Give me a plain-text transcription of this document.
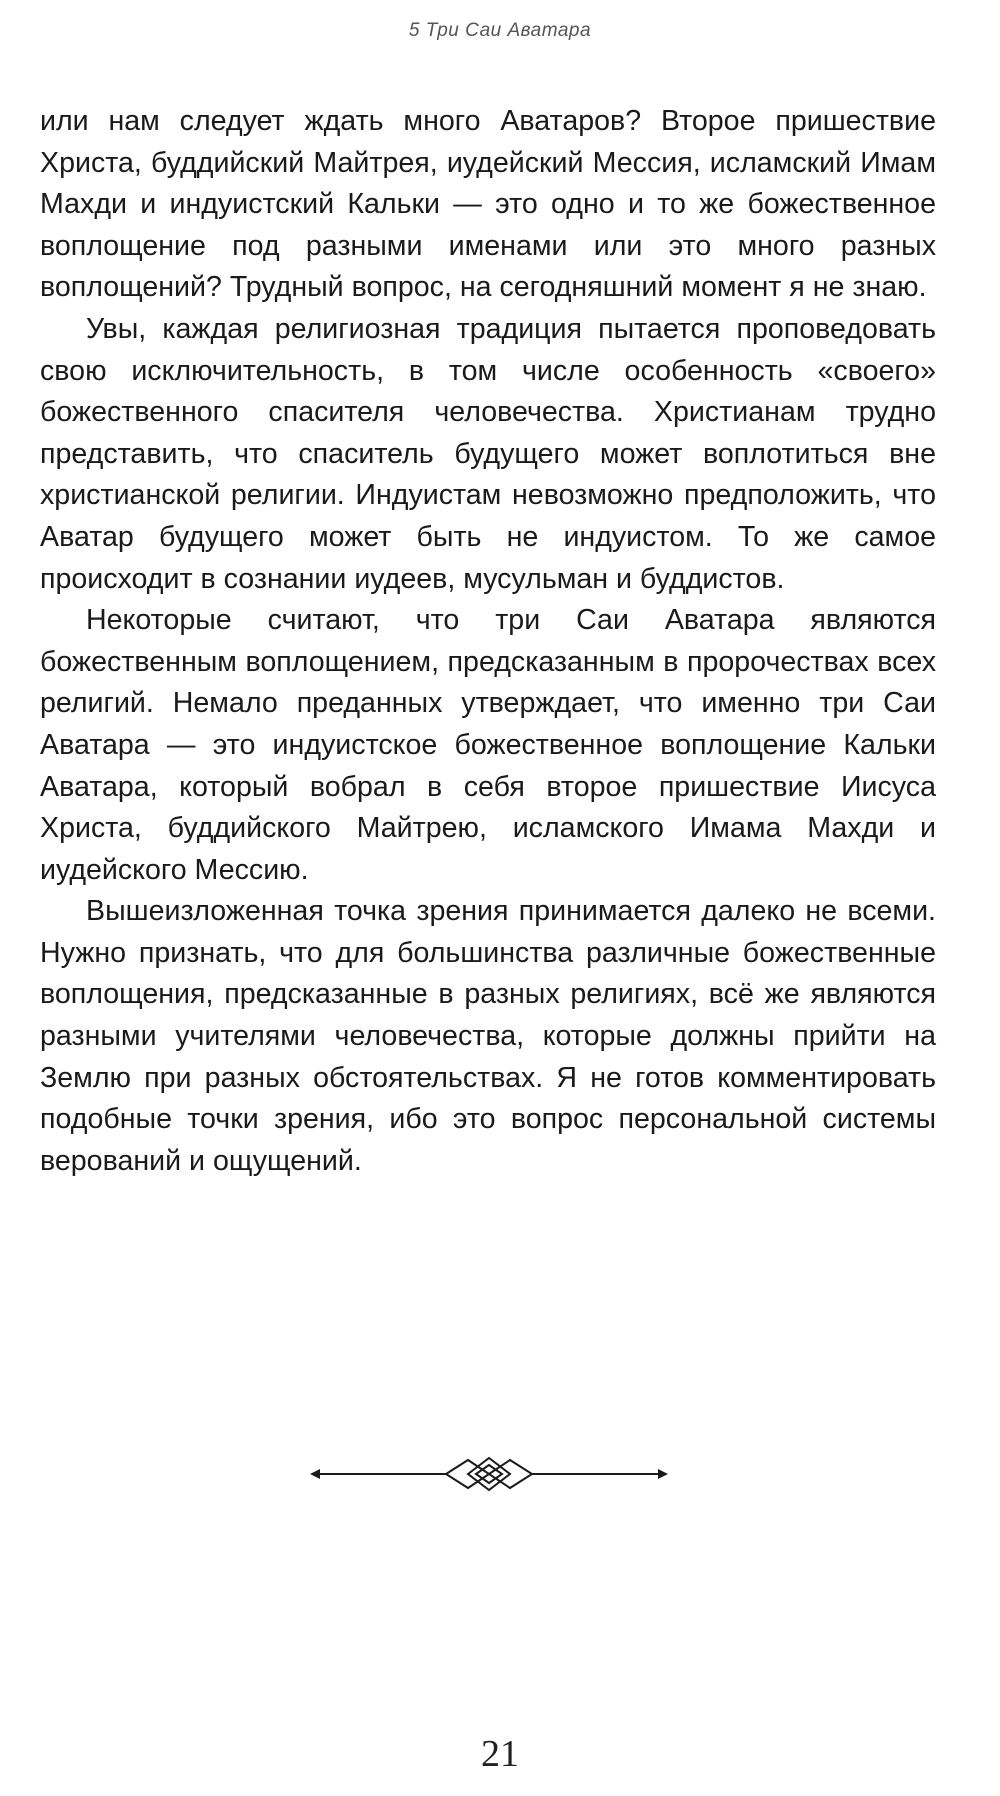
5 Три Саи Аватара

или нам следует ждать много Аватаров? Второе пришествие Христа, буддийский Майтрея, иудейский Мессия, исламский Имам Махди и индуистский Кальки — это одно и то же божественное воплощение под разными именами или это много разных воплощений? Трудный вопрос, на сегодняшний момент я не знаю.

Увы, каждая религиозная традиция пытается проповедовать свою исключительность, в том числе особенность «своего» божественного спасителя человечества. Христианам трудно представить, что спаситель будущего может воплотиться вне христианской религии. Индуистам невозможно предположить, что Аватар будущего может быть не индуистом. То же самое происходит в сознании иудеев, мусульман и буддистов.

Некоторые считают, что три Саи Аватара являются божественным воплощением, предсказанным в пророчествах всех религий. Немало преданных утверждает, что именно три Саи Аватара — это индуистское божественное воплощение Кальки Аватара, который вобрал в себя второе пришествие Иисуса Христа, буддийского Майтрею, исламского Имама Махди и иудейского Мессию.

Вышеизложенная точка зрения принимается далеко не всеми. Нужно признать, что для большинства различные божественные воплощения, предсказанные в разных религиях, всё же являются разными учителями человечества, которые должны прийти на Землю при разных обстоятельствах. Я не готов комментировать подобные точки зрения, ибо это вопрос персональной системы верований и ощущений.

21
